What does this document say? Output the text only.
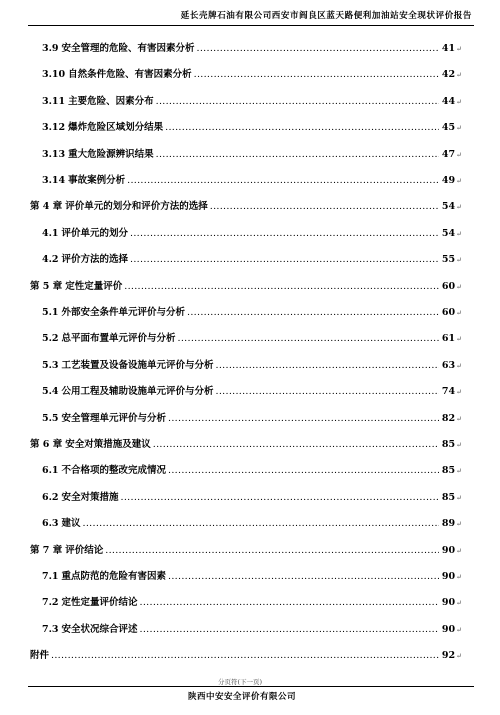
延长壳牌石油有限公司西安市阎良区蓝天路便利加油站安全现状评价报告
3.9 安全管理的危险、有害因素分析 .....	41 ↵
3.10 自然条件危险、有害因素分析 .....	42 ↵
3.11 主要危险、因素分布 .....	44 ↵
3.12 爆炸危险区域划分结果 .....	45 ↵
3.13 重大危险源辨识结果 .....	47 ↵
3.14 事故案例分析 .....	49 ↵
第 4 章 评价单元的划分和评价方法的选择 .....	54 ↵
4.1 评价单元的划分 .....	54 ↵
4.2 评价方法的选择 .....	55 ↵
第 5 章 定性定量评价 .....	60 ↵
5.1 外部安全条件单元评价与分析 .....	60 ↵
5.2 总平面布置单元评价与分析 .....	61 ↵
5.3 工艺装置及设备设施单元评价与分析 .....	63 ↵
5.4 公用工程及辅助设施单元评价与分析 .....	74 ↵
5.5 安全管理单元评价与分析 .....	82 ↵
第 6 章 安全对策措施及建议 .....	85 ↵
6.1 不合格项的整改完成情况 .....	85 ↵
6.2 安全对策措施 .....	85 ↵
6.3 建议 .....	89 ↵
第 7 章 评价结论 .....	90 ↵
7.1 重点防范的危险有害因素 .....	90 ↵
7.2 定性定量评价结论 .....	90 ↵
7.3 安全状况综合评述 .....	90 ↵
附件 .....	92 ↵
分页符(下一页)
陕西中安安全评价有限公司
